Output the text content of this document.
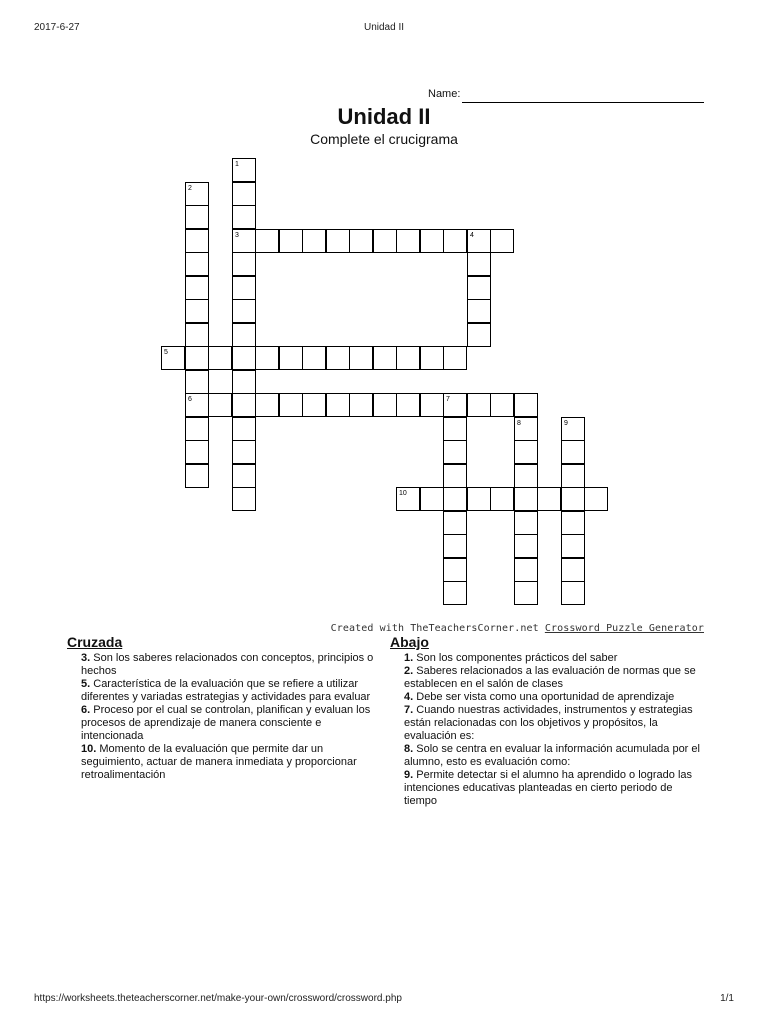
2017-6-27	Unidad II
Name:
Unidad II
Complete el crucigrama
1
2
3	4
5
6	7
8	9
10
Created with TheTeachersCorner.net Crossword Puzzle Generator
Cruzada

3. Son los saberes relacionados con conceptos, principios o hechos

5. Característica de la evaluación que se refiere a utilizar diferentes y variadas estrategias y actividades para evaluar

6. Proceso por el cual se controlan, planifican y evaluan los procesos de aprendizaje de manera consciente e intencionada

10. Momento de la evaluación que permite dar un seguimiento, actuar de manera inmediata y proporcionar retroalimentación

Abajo

1. Son los componentes prácticos del saber

2. Saberes relacionados a las evaluación de normas que se establecen en el salón de clases

4. Debe ser vista como una oportunidad de aprendizaje

7. Cuando nuestras actividades, instrumentos y estrategias están relacionadas con los objetivos y propósitos, la evaluación es:

8. Solo se centra en evaluar la información acumulada por el alumno, esto es evaluación como:

9. Permite detectar si el alumno ha aprendido o logrado las intenciones educativas planteadas en cierto periodo de tiempo

https://worksheets.theteacherscorner.net/make-your-own/crossword/crossword.php	1/1
